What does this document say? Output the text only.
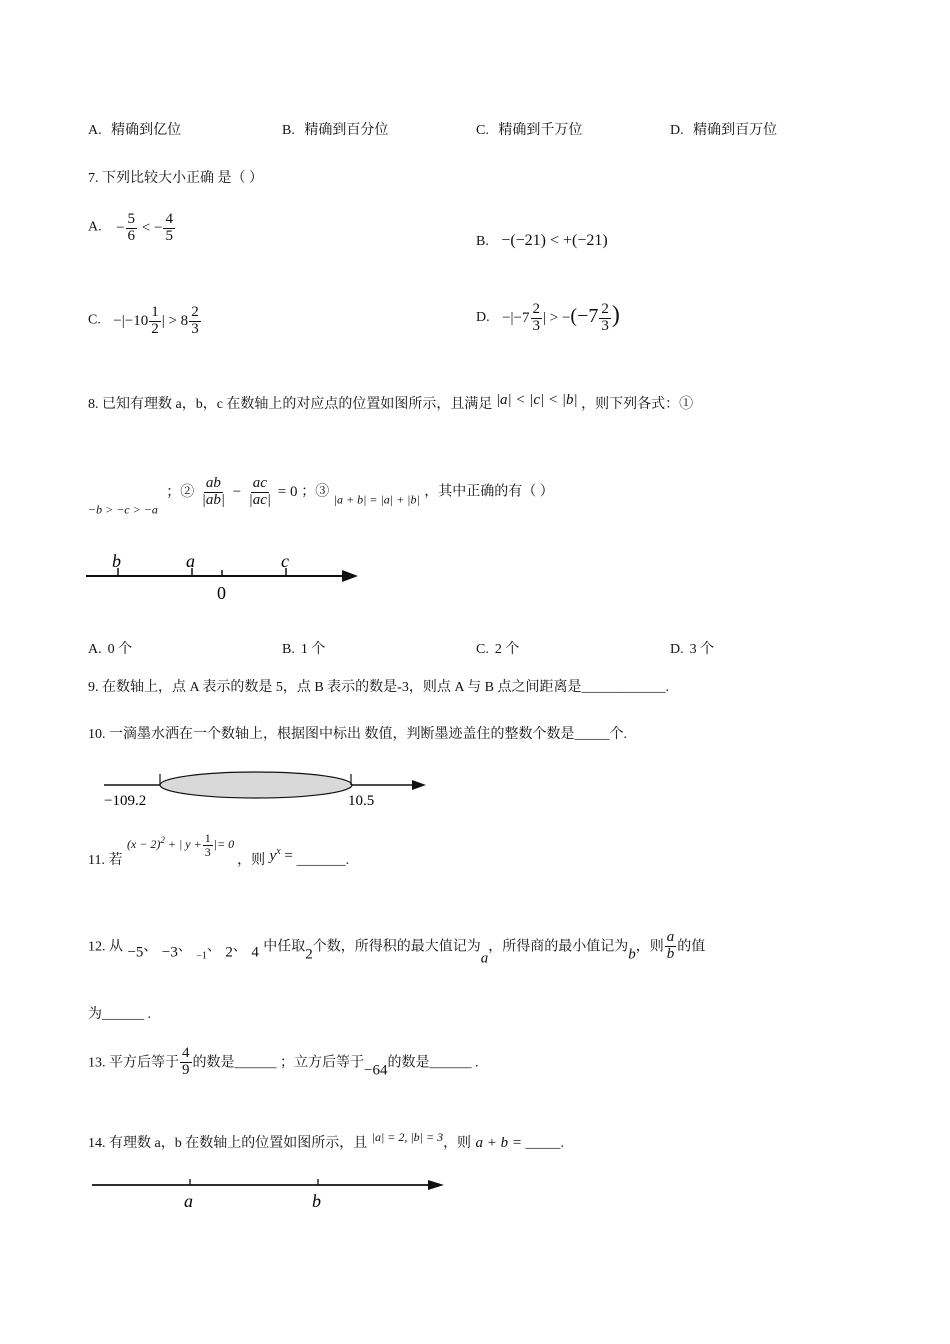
A. 精确到亿位	B. 精确到百分位	C. 精确到千万位	D. 精确到百万位
7. 下列比较大小正确 是（ ）
A. − $\frac{5}{6}$ < − $\frac{4}{5}$	B. −(−21) < +(−21)
C. $-|-10 \frac{1}{2}$ | > $8 \frac{2}{3}$	D. $-|-7 \frac{2}{3}$ | > $-(-7 \frac{2}{3}$ )
8. 已知有理数 a，b，c 在数轴上的对应点的位置如图所示，且满足 |a| < |c| < |b| ，则下列各式：①
−b > −c > −a ；② $\frac{ab}{|ab|} - \frac{ac}{|ac|} = 0$ ；③ |a + b| = |a| + |b| ，其中正确的有（ ）
b	a	c
0
A. 0 个	B. 1 个	C. 2 个	D. 3 个
9. 在数轴上，点 A 表示的数是 5，点 B 表示的数是-3，则点 A 与 B 点之间距离是____________.
10. 一滴墨水洒在一个数轴上，根据图中标出 数值，判断墨迹盖住的整数个数是_____个.
−109.2	10.5
11. 若 $(x - 2)^2$ + | $y + \frac{1}{3}$ |= 0 ，则 $y^x$ = _______.
12. 从 −5、 −3、 $_{-1}$、 2、 4 中任取2个数，所得积的最大值记为a，所得商的最小值记为b，则 $\frac{a}{b}$ 的值
为______ .
13. 平方后等于 $\frac{4}{9}$ 的数是______ ；立方后等于−64的数是______ .
14. 有理数 a，b 在数轴上的位置如图所示，且 |a| = 2, |b| = 3，则 a + b = _____.
a	b
